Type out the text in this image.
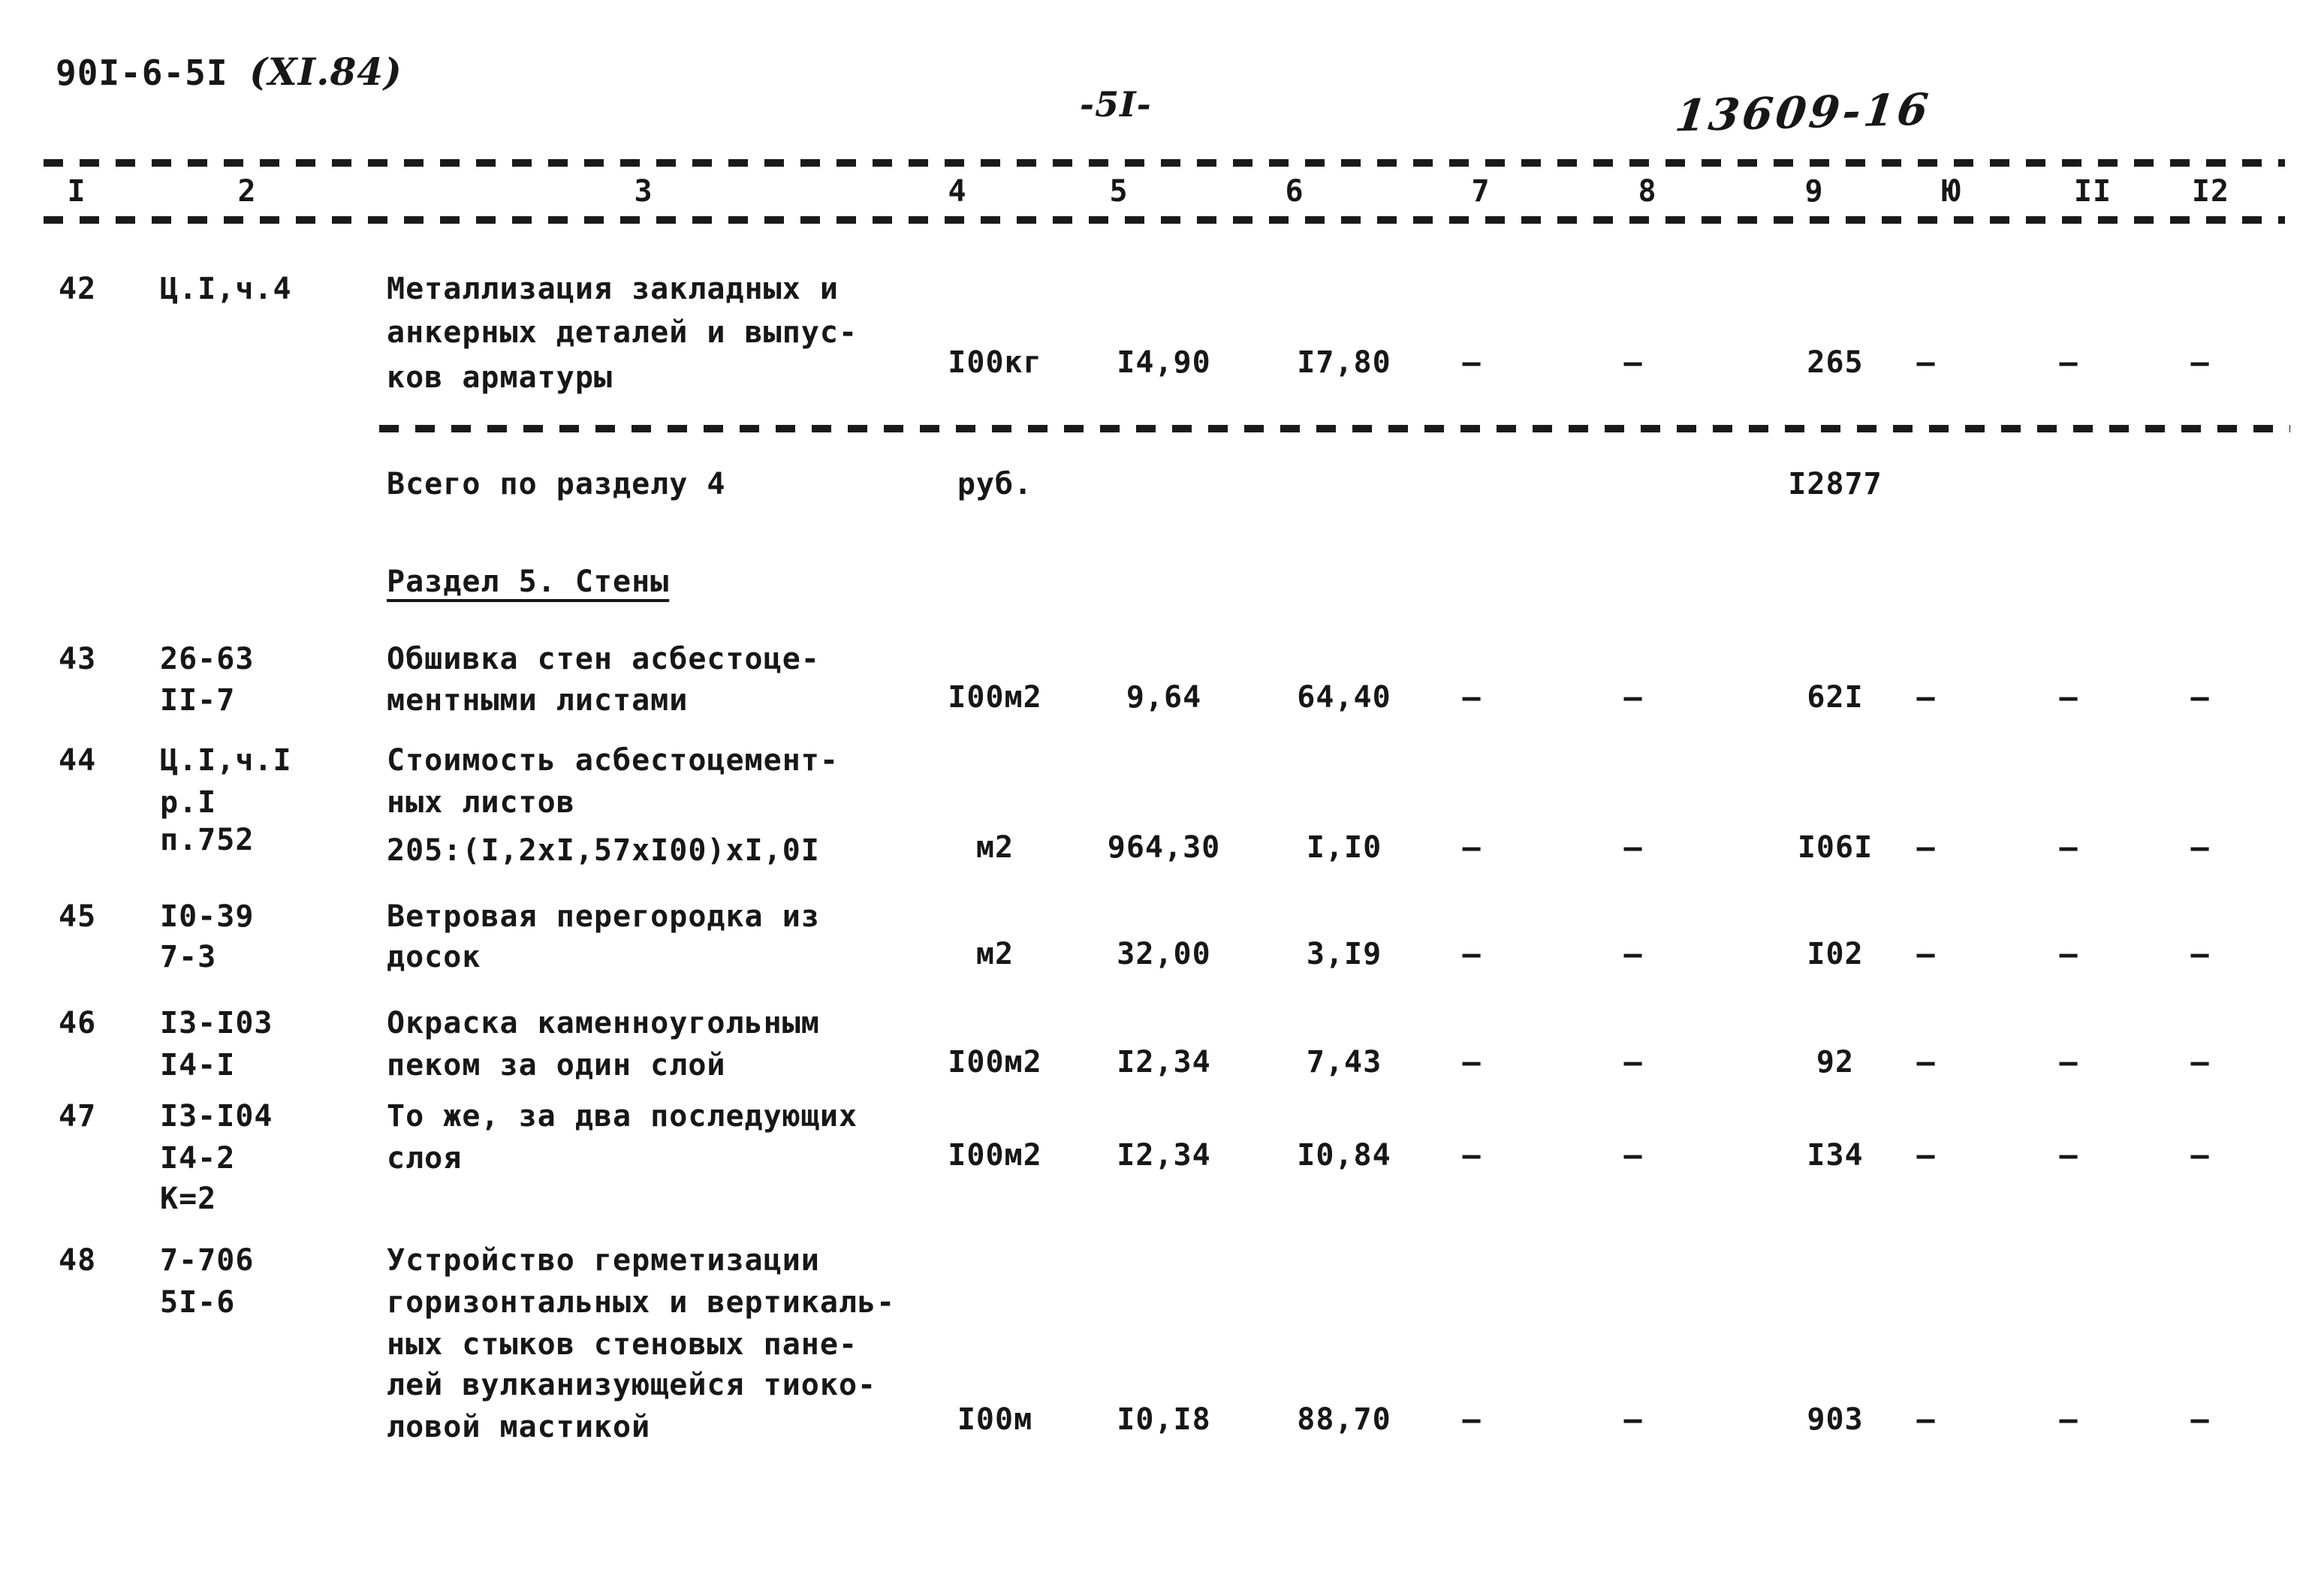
90I-6-5I (XI.84)
-5I-	13609-16
I	2	3	4	5	6	7	8	9	Ю	II	I2
42 Ц.I,ч.4	Металлизация закладных и
анкерных деталей и выпус-
ков арматуры	I00кг	I4,90	I7,80	–	–	265	–	–	–
Всего по разделу 4	руб.	I2877
Раздел 5. Стены
43 26-63
II-7
Обшивка стен асбестоце-
ментными листами	I00м2	9,64	64,40	–	–	62I	–	–	–
44 Ц.I,ч.I
р.I
п.752
Стоимость асбестоцемент-
ных листов
205:(I,2хI,57хI00)хI,0I	м2	964,30	I,I0	–	–	I06I	–	–	–
45 I0-39
7-3
Ветровая перегородка из
досок	м2	32,00	3,I9	–	–	I02	–	–	–
46 I3-I03
I4-I
Окраска каменноугольным
пеком за один слой	I00м2	I2,34	7,43	–	–	92	–	–	–
47 I3-I04
I4-2
К=2
То же, за два последующих
слоя	I00м2	I2,34	I0,84	–	–	I34	–	–	–
48 7-706
5I-6
Устройство герметизации
горизонтальных и вертикаль-
ных стыков стеновых пане-
лей вулканизующейся тиоко-
ловой мастикой	I00м	I0,I8	88,70	–	–	903	–	–	–
